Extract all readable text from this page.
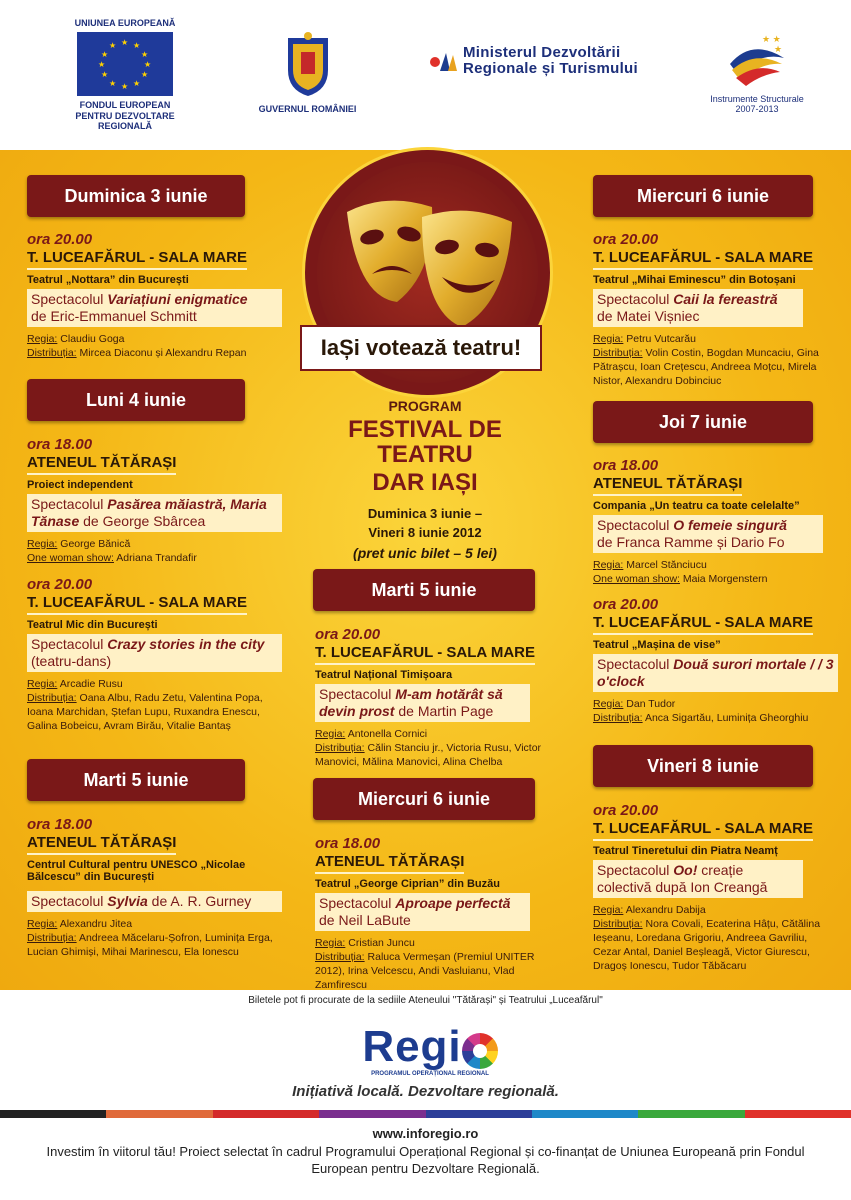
UNIUNEA EUROPEANĂ
★ ★
★
★
★
★
★
★
★
★
★
★
FONDUL EUROPEAN
PENTRU DEZVOLTARE REGIONALĂ
GUVERNUL ROMÂNIEI
Ministerul Dezvoltării
Regionale și Turismului
★ ★
★
Instrumente Structurale
2007-2013
IaȘi votează teatru!
PROGRAM
FESTIVAL DE TEATRU
DAR IAȘI
Duminica 3 iunie –
Vineri 8 iunie 2012
(pret unic bilet – 5 lei)
Duminica 3 iunie
Luni 4 iunie
Marti 5 iunie
Marti 5 iunie
Miercuri 6 iunie
Miercuri 6 iunie
Joi 7 iunie
Vineri 8 iunie
ora 20.00
T. LUCEAFĂRUL - SALA MARE
Teatrul „Nottara” din București
Spectacolul Variațiuni enigmatice
de Eric-Emmanuel Schmitt
Regia: Claudiu Goga
Distribuția: Mircea Diaconu și Alexandru Repan
ora 18.00
ATENEUL TĂTĂRAȘI
Proiect independent
Spectacolul Pasărea măiastră, Maria Tănase de George Sbârcea
Regia: George Bănică
One woman show: Adriana Trandafir
ora 20.00
T. LUCEAFĂRUL - SALA MARE
Teatrul Mic din București
Spectacolul Crazy stories in the city (teatru-dans)
Regia: Arcadie Rusu
Distribuția: Oana Albu, Radu Zetu, Valentina Popa, Ioana Marchidan, Ștefan Lupu, Ruxandra Enescu, Galina Bobeicu, Avram Birău, Vitalie Bantaș
ora 18.00
ATENEUL TĂTĂRAȘI
Centrul Cultural pentru UNESCO „Nicolae Bălcescu” din București
Spectacolul Sylvia de A. R. Gurney
Regia: Alexandru Jitea
Distribuția: Andreea Măcelaru-Șofron, Luminița Erga, Lucian Ghimiși, Mihai Marinescu, Ela Ionescu
ora 20.00
T. LUCEAFĂRUL - SALA MARE
Teatrul Național Timișoara
Spectacolul M-am hotărât să devin prost de Martin Page
Regia: Antonella Cornici
Distribuția: Călin Stanciu jr., Victoria Rusu, Victor Manovici, Mălina Manovici, Alina Chelba
ora 18.00
ATENEUL TĂTĂRAȘI
Teatrul „George Ciprian” din Buzău
Spectacolul Aproape perfectă
de Neil LaBute
Regia: Cristian Juncu
Distribuția: Raluca Vermeșan (Premiul UNITER 2012), Irina Velcescu, Andi Vasluianu, Vlad Zamfirescu
ora 20.00
T. LUCEAFĂRUL - SALA MARE
Teatrul „Mihai Eminescu” din Botoșani
Spectacolul Caii la fereastră
de Matei Vișniec
Regia: Petru Vutcarău
Distribuția: Volin Costin, Bogdan Muncaciu, Gina Pătrașcu, Ioan Crețescu, Andreea Moțcu, Mirela Nistor, Alexandru Dobinciuc
ora 18.00
ATENEUL TĂTĂRAȘI
Compania „Un teatru ca toate celelalte”
Spectacolul O femeie singură
de Franca Ramme și Dario Fo
Regia: Marcel Stănciucu
One woman show: Maia Morgenstern
ora 20.00
T. LUCEAFĂRUL - SALA MARE
Teatrul „Mașina de vise”
Spectacolul Două surori mortale / / 3 o'clock
Regia: Dan Tudor
Distribuția: Anca Sigartău, Luminița Gheorghiu
ora 20.00
T. LUCEAFĂRUL - SALA MARE
Teatrul Tineretului din Piatra Neamț
Spectacolul Oo! creație colectivă după Ion Creangă
Regia: Alexandru Dabija
Distribuția: Nora Covali, Ecaterina Hâțu, Cătălina Ieșeanu, Loredana Grigoriu, Andreea Gavriliu, Cezar Antal, Daniel Beșleagă, Victor Giurescu, Dragoș Ionescu, Tudor Tăbăcaru
Biletele pot fi procurate de la sediile Ateneului "Tătărași" și Teatrului „Luceafărul"
Regi
PROGRAMUL OPERAȚIONAL REGIONAL
Inițiativă locală. Dezvoltare regională.
www.inforegio.ro
Investim în viitorul tău! Proiect selectat în cadrul Programului Operațional Regional și co-finanțat de Uniunea Europeană prin Fondul European pentru Dezvoltare Regională.
